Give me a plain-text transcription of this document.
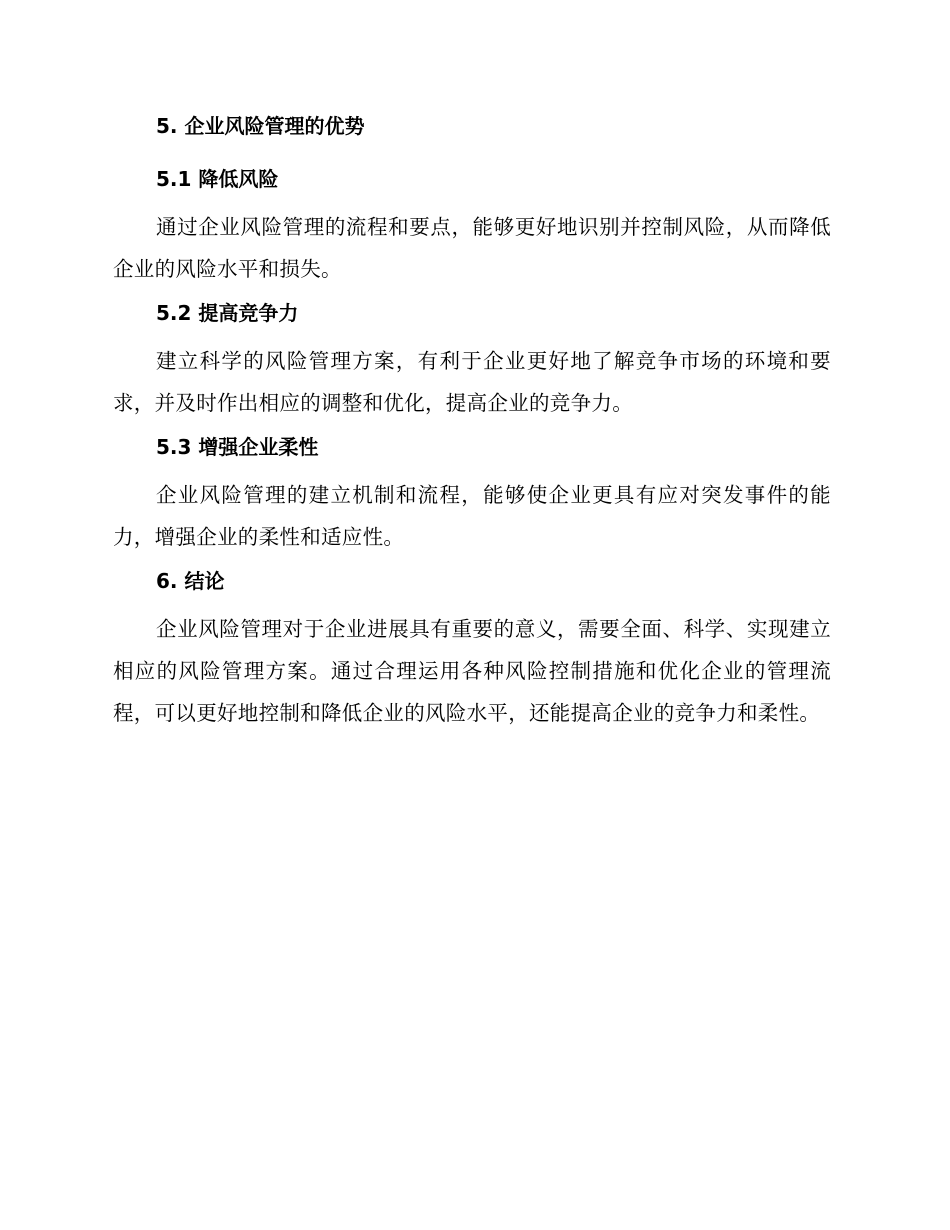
5. 企业风险管理的优势
5.1 降低风险

通过企业风险管理的流程和要点，能够更好地识别并控制风险，从而降低企业的风险水平和损失。

5.2 提高竞争力

建立科学的风险管理方案，有利于企业更好地了解竞争市场的环境和要求，并及时作出相应的调整和优化，提高企业的竞争力。

5.3 增强企业柔性

企业风险管理的建立机制和流程，能够使企业更具有应对突发事件的能力，增强企业的柔性和适应性。

6. 结论

企业风险管理对于企业进展具有重要的意义，需要全面、科学、实现建立相应的风险管理方案。通过合理运用各种风险控制措施和优化企业的管理流程，可以更好地控制和降低企业的风险水平，还能提高企业的竞争力和柔性。
